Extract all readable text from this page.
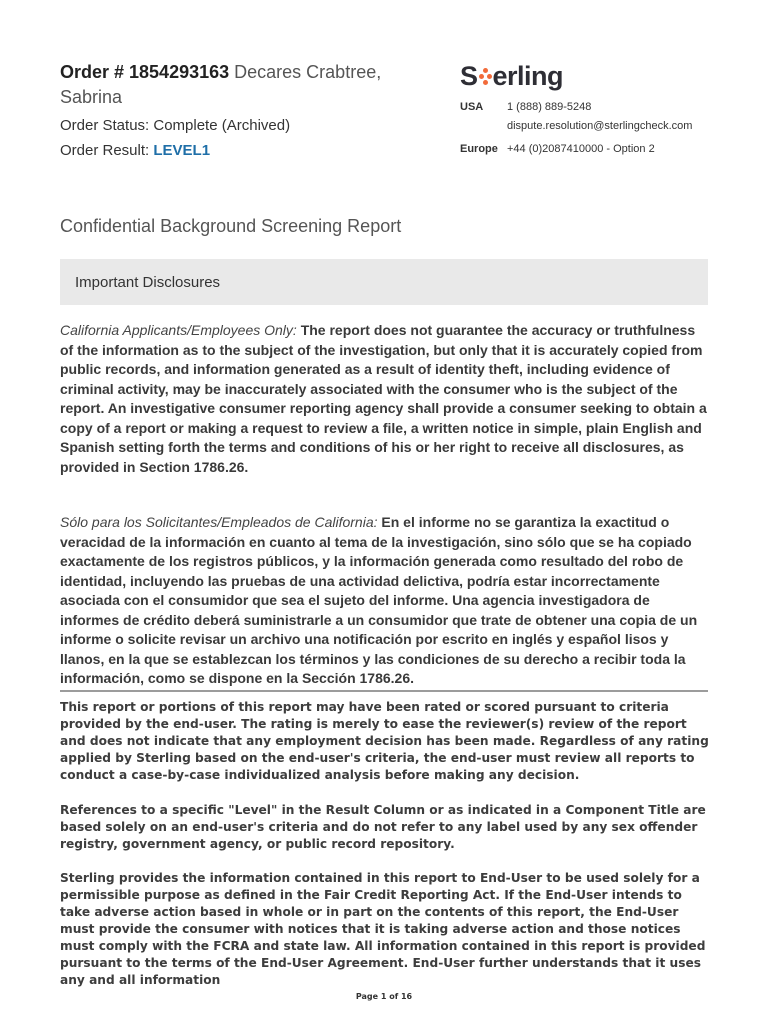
Order # 1854293163 Decares Crabtree,
Sabrina
Order Status: Complete (Archived)
Order Result: LEVEL1
S erling
USA	1 (888) 889-5248
dispute.resolution@sterlingcheck.com
Europe +44 (0)2087410000 - Option 2
Confidential Background Screening Report
Important Disclosures

California Applicants/Employees Only: The report does not guarantee the accuracy or truthfulness of the information as to the subject of the investigation, but only that it is accurately copied from public records, and information generated as a result of identity theft, including evidence of criminal activity, may be inaccurately associated with the consumer who is the subject of the report. An investigative consumer reporting agency shall provide a consumer seeking to obtain a copy of a report or making a request to review a file, a written notice in simple, plain English and Spanish setting forth the terms and conditions of his or her right to receive all disclosures, as provided in Section 1786.26.

Sólo para los Solicitantes/Empleados de California: En el informe no se garantiza la exactitud o veracidad de la información en cuanto al tema de la investigación, sino sólo que se ha copiado exactamente de los registros públicos, y la información generada como resultado del robo de identidad, incluyendo las pruebas de una actividad delictiva, podría estar incorrectamente asociada con el consumidor que sea el sujeto del informe. Una agencia investigadora de informes de crédito deberá suministrarle a un consumidor que trate de obtener una copia de un informe o solicite revisar un archivo una notificación por escrito en inglés y español lisos y llanos, en la que se establezcan los términos y las condiciones de su derecho a recibir toda la información, como se dispone en la Sección 1786.26.

This report or portions of this report may have been rated or scored pursuant to criteria provided by the end-user. The rating is merely to ease the reviewer(s) review of the report and does not indicate that any employment decision has been made. Regardless of any rating applied by Sterling based on the end-user's criteria, the end-user must review all reports to conduct a case-by-case individualized analysis before making any decision.

References to a specific "Level" in the Result Column or as indicated in a Component Title are based solely on an end-user's criteria and do not refer to any label used by any sex offender registry, government agency, or public record repository.

Sterling provides the information contained in this report to End-User to be used solely for a permissible purpose as defined in the Fair Credit Reporting Act. If the End-User intends to take adverse action based in whole or in part on the contents of this report, the End-User must provide the consumer with notices that it is taking adverse action and those notices must comply with the FCRA and state law. All information contained in this report is provided pursuant to the terms of the End-User Agreement. End-User further understands that it uses any and all information

Page 1 of 16
